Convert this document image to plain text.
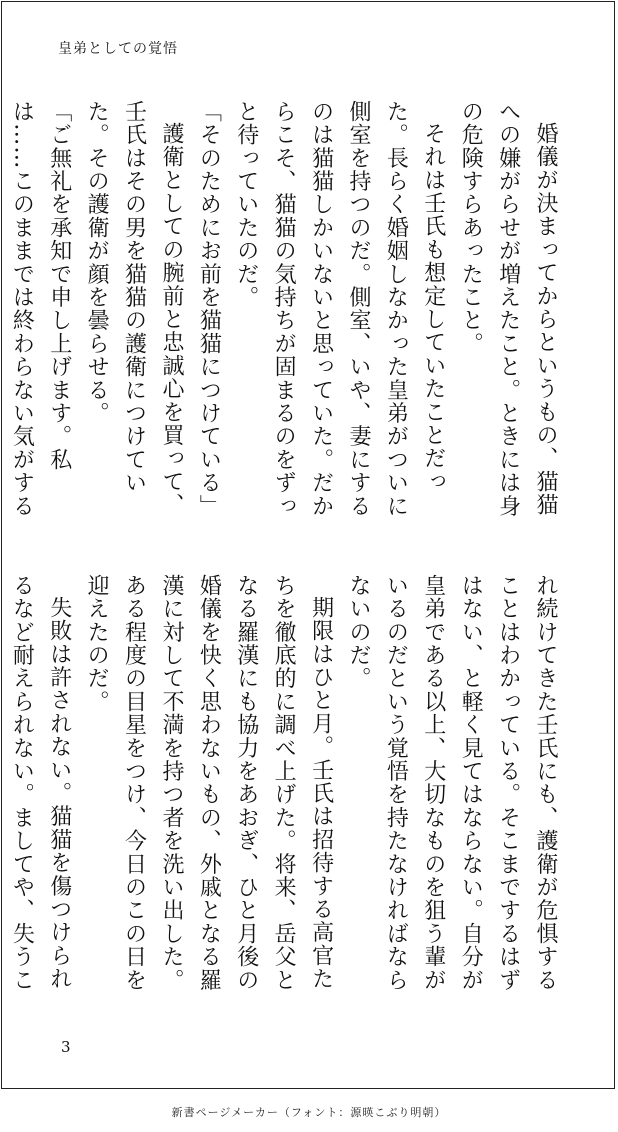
皇弟としての覚悟

婚儀が決まってからというもの、猫猫への嫌がらせが増えたこと。ときには身の危険すらあったこと。

それは壬氏も想定していたことだった。長らく婚姻しなかった皇弟がついに側室を持つのだ。側室、いや、妻にするのは猫猫しかいないと思っていた。だからこそ、猫猫の気持ちが固まるのをずっと待っていたのだ。

「そのためにお前を猫猫につけている」

護衛としての腕前と忠誠心を買って、壬氏はその男を猫猫の護衛につけていた。その護衛が顔を曇らせる。

「ご無礼を承知で申し上げます。私は……このままでは終わらない気がする

れ続けてきた壬氏にも、護衛が危惧することはわかっている。そこまでするはずはない、と軽く見てはならない。自分が皇弟である以上、大切なものを狙う輩がいるのだという覚悟を持たなければならないのだ。

期限はひと月。壬氏は招待する高官たちを徹底的に調べ上げた。将来、岳父となる羅漢にも協力をあおぎ、ひと月後の婚儀を快く思わないもの、外戚となる羅漢に対して不満を持つ者を洗い出した。ある程度の目星をつけ、今日のこの日を迎えたのだ。

失敗は許されない。猫猫を傷つけられるなど耐えられない。ましてや、失うこ

3
新書ページメーカー（フォント：源暎こぶり明朝）
